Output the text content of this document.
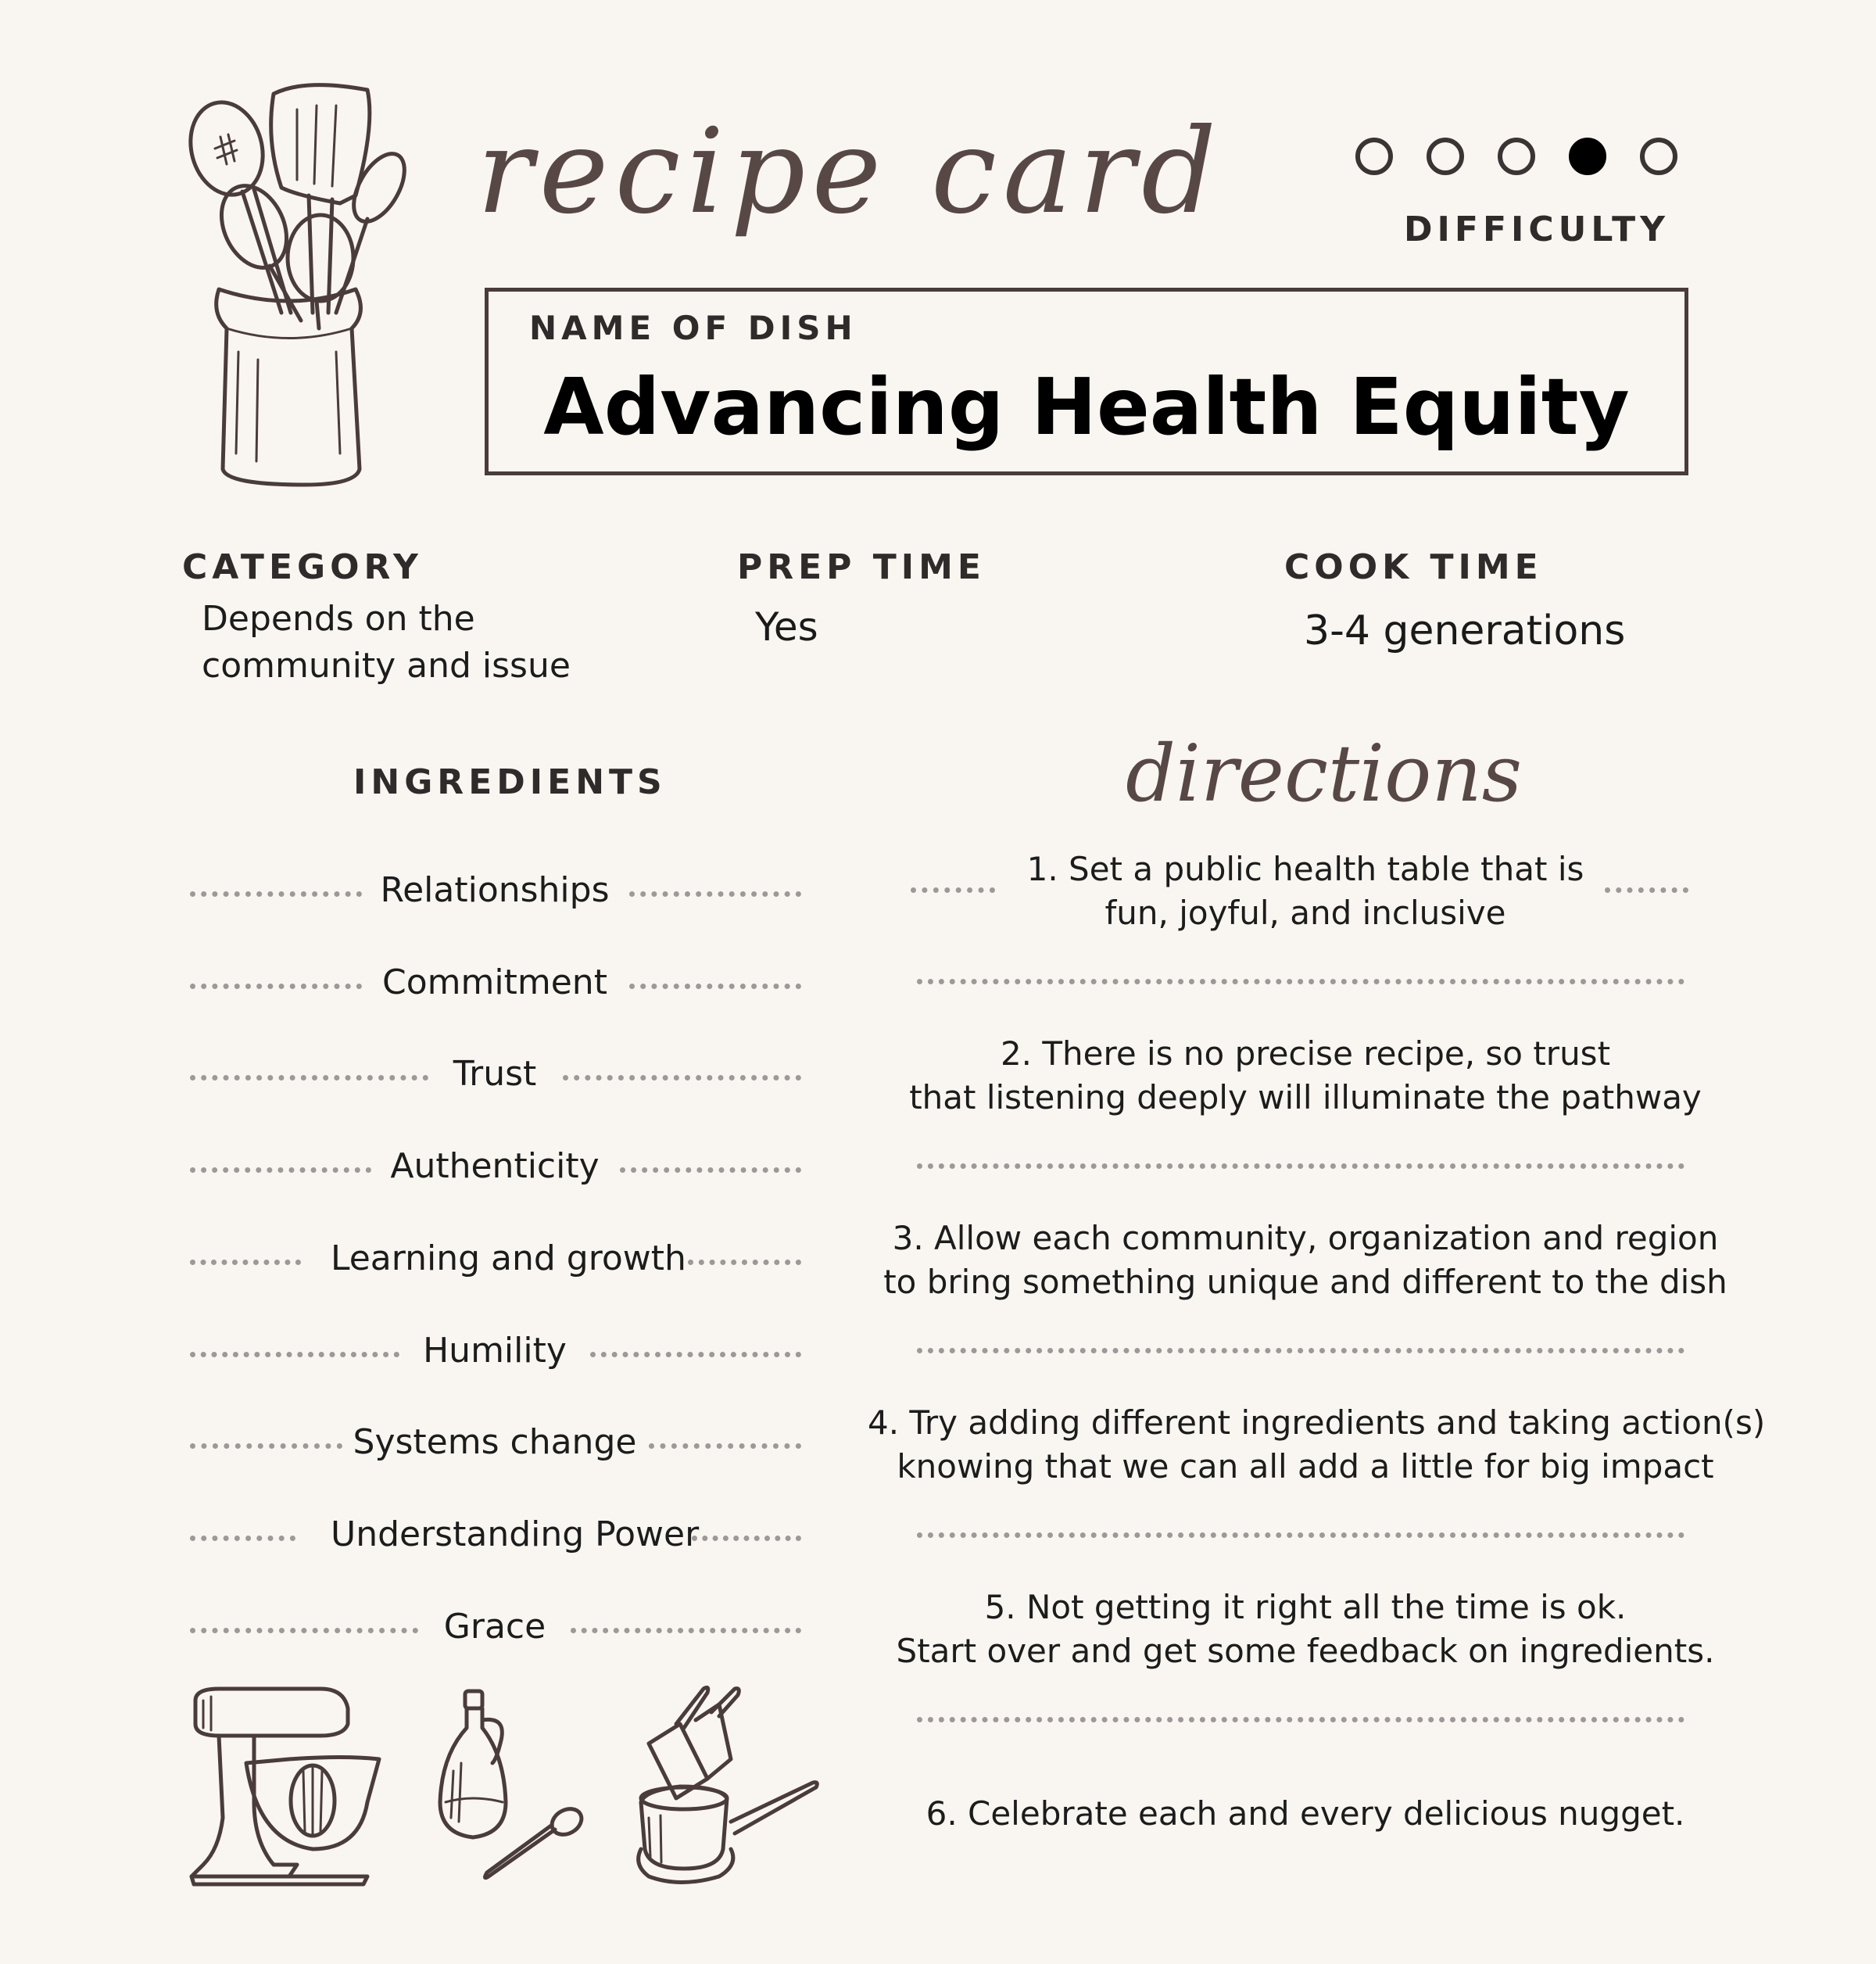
recipe card	DIFFICULTY
NAME OF DISH
Advancing Health Equity
CATEGORY
Depends on the
community and issue
PREP TIME
Yes
COOK TIME
3-4 generations
INGREDIENTS
Relationships
Commitment
Trust
Authenticity
Learning and growth
Humility
Systems change
Understanding Power
Grace
directions
1. Set a public health table that is
fun, joyful, and inclusive
2. There is no precise recipe, so trust
that listening deeply will illuminate the pathway
3. Allow each community, organization and region
to bring something unique and different to the dish
4. Try adding different ingredients and taking action(s)
knowing that we can all add a little for big impact
5. Not getting it right all the time is ok.
Start over and get some feedback on ingredients.
6. Celebrate each and every delicious nugget.
